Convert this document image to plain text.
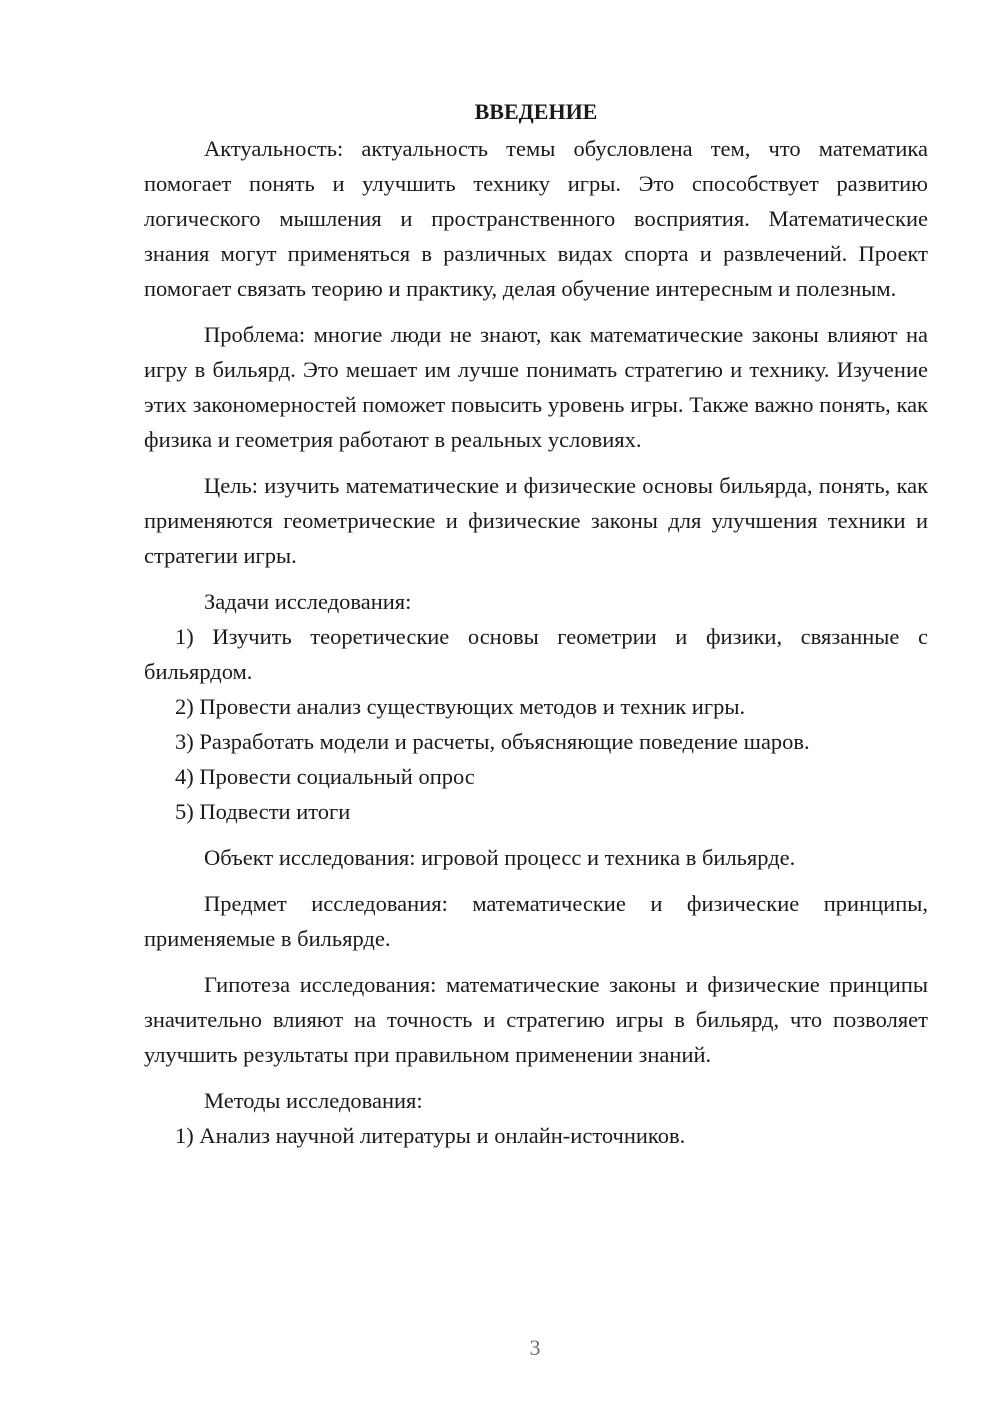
ВВЕДЕНИЕ

Актуальность: актуальность темы обусловлена тем, что математика помогает понять и улучшить технику игры. Это способствует развитию логического мышления и пространственного восприятия. Математические знания могут применяться в различных видах спорта и развлечений. Проект помогает связать теорию и практику, делая обучение интересным и полезным.

Проблема: многие люди не знают, как математические законы влияют на игру в бильярд. Это мешает им лучше понимать стратегию и технику. Изучение этих закономерностей поможет повысить уровень игры. Также важно понять, как физика и геометрия работают в реальных условиях.

Цель: изучить математические и физические основы бильярда, понять, как применяются геометрические и физические законы для улучшения техники и стратегии игры.

Задачи исследования:

1) Изучить теоретические основы геометрии и физики, связанные с бильярдом.

2) Провести анализ существующих методов и техник игры.

3) Разработать модели и расчеты, объясняющие поведение шаров.

4) Провести социальный опрос

5) Подвести итоги

Объект исследования: игровой процесс и техника в бильярде.

Предмет исследования: математические и физические принципы, применяемые в бильярде.

Гипотеза исследования: математические законы и физические принципы значительно влияют на точность и стратегию игры в бильярд, что позволяет улучшить результаты при правильном применении знаний.

Методы исследования:

1) Анализ научной литературы и онлайн-источников.

3
